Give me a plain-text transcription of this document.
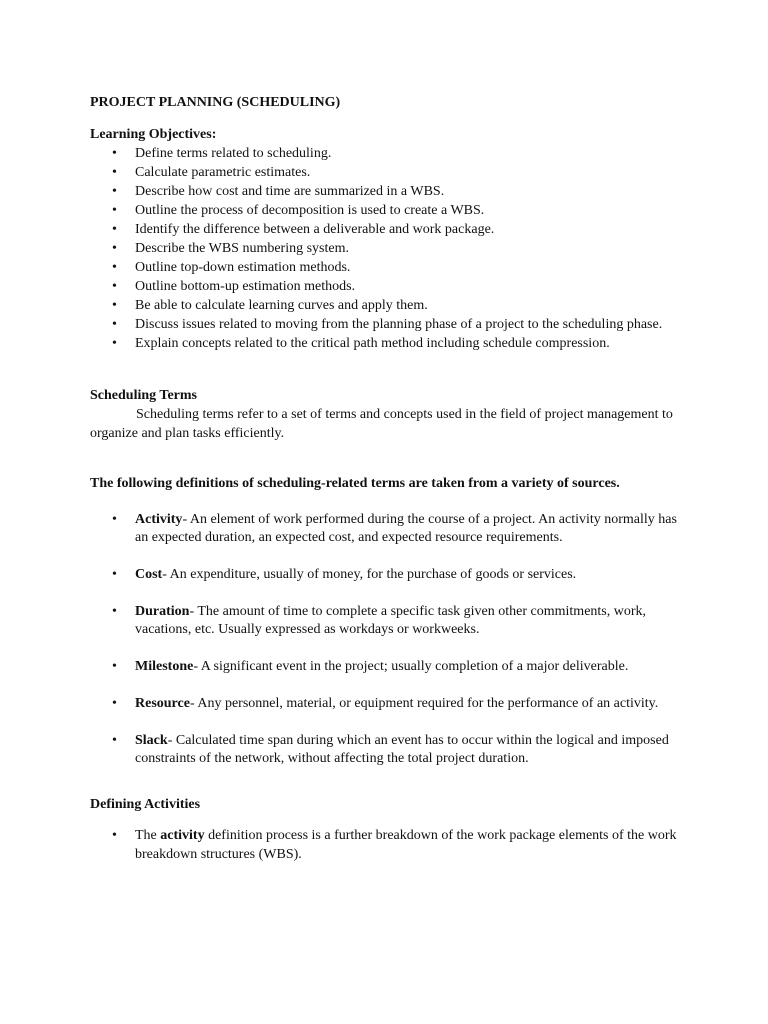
PROJECT PLANNING (SCHEDULING)

Learning Objectives:

• Define terms related to scheduling.
• Calculate parametric estimates.
• Describe how cost and time are summarized in a WBS.
• Outline the process of decomposition is used to create a WBS.
• Identify the difference between a deliverable and work package.
• Describe the WBS numbering system.
• Outline top-down estimation methods.
• Outline bottom-up estimation methods.
• Be able to calculate learning curves and apply them.
• Discuss issues related to moving from the planning phase of a project to the scheduling phase.
• Explain concepts related to the critical path method including schedule compression.

Scheduling Terms

Scheduling terms refer to a set of terms and concepts used in the field of project management to organize and plan tasks efficiently.

The following definitions of scheduling-related terms are taken from a variety of sources.

• Activity- An element of work performed during the course of a project. An activity normally has an expected duration, an expected cost, and expected resource requirements.
• Cost- An expenditure, usually of money, for the purchase of goods or services.
• Duration- The amount of time to complete a specific task given other commitments, work, vacations, etc. Usually expressed as workdays or workweeks.
• Milestone- A significant event in the project; usually completion of a major deliverable.
• Resource- Any personnel, material, or equipment required for the performance of an activity.
• Slack- Calculated time span during which an event has to occur within the logical and imposed constraints of the network, without affecting the total project duration.

Defining Activities

• The activity definition process is a further breakdown of the work package elements of the work breakdown structures (WBS).
